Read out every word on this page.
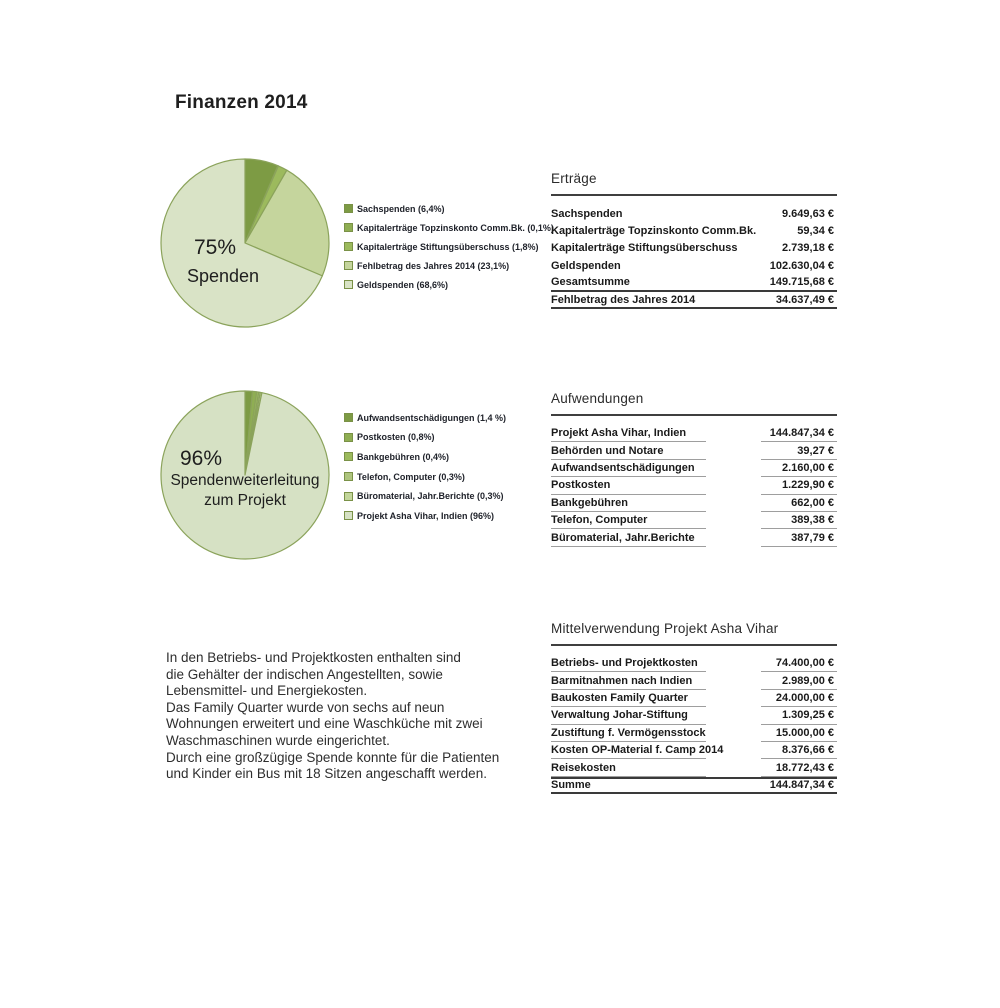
Finanzen 2014
75%
Spenden
Sachspenden (6,4%)
Kapitalerträge Topzinskonto Comm.Bk. (0,1%)
Kapitalerträge Stiftungsüberschuss (1,8%)
Fehlbetrag des Jahres 2014 (23,1%)
Geldspenden (68,6%)
96%
Spendenweiterleitung
zum Projekt
Aufwandsentschädigungen (1,4 %)
Postkosten (0,8%)
Bankgebühren (0,4%)
Telefon, Computer (0,3%)
Büromaterial, Jahr.Berichte (0,3%)
Projekt Asha Vihar, Indien (96%)
Erträge
Sachspenden	9.649,63 €
Kapitalerträge Topzinskonto Comm.Bk.	59,34 €
Kapitalerträge Stiftungsüberschuss	2.739,18 €
Geldspenden	102.630,04 €
Gesamtsumme	149.715,68 €
Fehlbetrag des Jahres 2014	34.637,49 €
Aufwendungen
Projekt Asha Vihar, Indien	144.847,34 €
Behörden und Notare	39,27 €
Aufwandsentschädigungen	2.160,00 €
Postkosten	1.229,90 €
Bankgebühren	662,00 €
Telefon, Computer	389,38 €
Büromaterial, Jahr.Berichte	387,79 €
Mittelverwendung Projekt Asha Vihar
Betriebs- und Projektkosten	74.400,00 €
Barmitnahmen nach Indien	2.989,00 €
Baukosten Family Quarter	24.000,00 €
Verwaltung Johar-Stiftung	1.309,25 €
Zustiftung f. Vermögensstock	15.000,00 €
Kosten OP-Material f. Camp 2014	8.376,66 €
Reisekosten	18.772,43 €
Summe	144.847,34 €
In den Betriebs- und Projektkosten enthalten sind
die Gehälter der indischen Angestellten, sowie
Lebensmittel- und Energiekosten.
Das Family Quarter wurde von sechs auf neun
Wohnungen erweitert und eine Waschküche mit zwei
Waschmaschinen wurde eingerichtet.
Durch eine großzügige Spende konnte für die Patienten
und Kinder ein Bus mit 18 Sitzen angeschafft werden.
